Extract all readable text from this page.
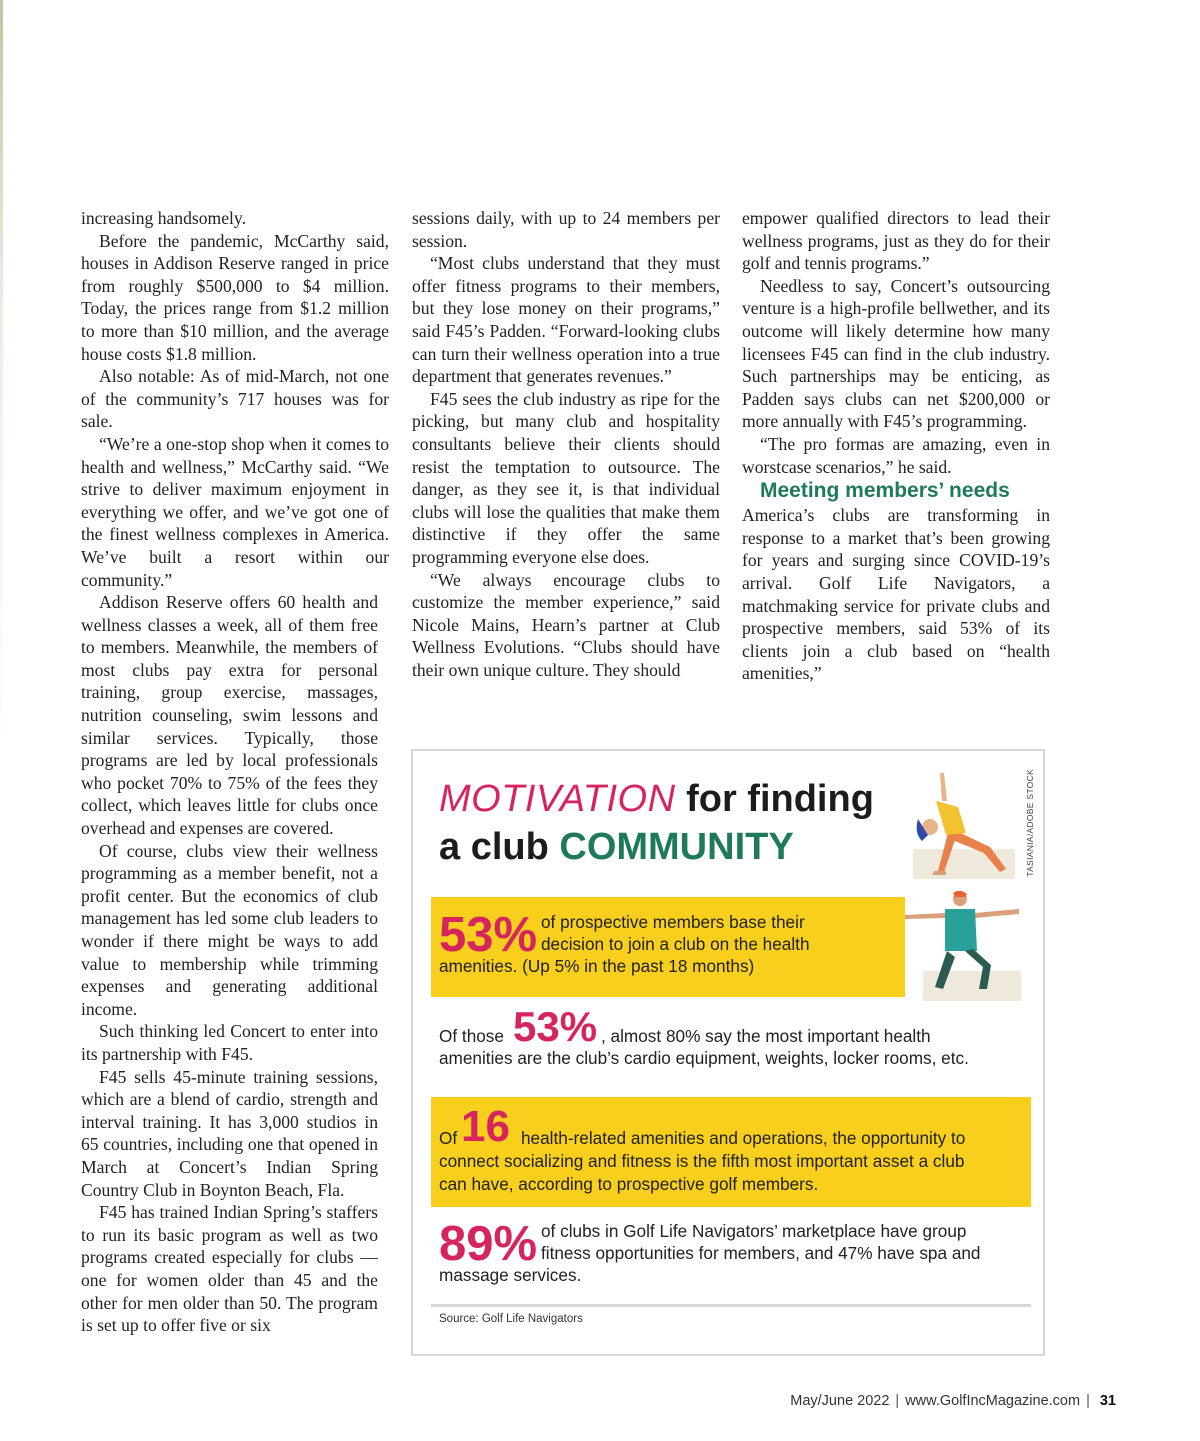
increasing handsomely.

Before the pandemic, McCarthy said, houses in Addison Reserve ranged in price from roughly $500,000 to $4 million. Today, the prices range from $1.2 million to more than $10 million, and the average house costs $1.8 million.

Also notable: As of mid-March, not one of the community’s 717 houses was for sale.

“We’re a one-stop shop when it comes to health and wellness,” McCarthy said. “We strive to deliver maximum enjoyment in everything we offer, and we’ve got one of the finest wellness complexes in America. We’ve built a resort within our community.”

Addison Reserve offers 60 health and wellness classes a week, all of them free to members. Meanwhile, the members of most clubs pay extra for personal training, group exercise, massages, nutrition counseling, swim lessons and similar services. Typically, those programs are led by local professionals who pocket 70% to 75% of the fees they collect, which leaves little for clubs once overhead and expenses are covered.

Of course, clubs view their wellness programming as a member benefit, not a profit center. But the economics of club management has led some club leaders to wonder if there might be ways to add value to membership while trimming expenses and generating additional income.

Such thinking led Concert to enter into its partnership with F45.

F45 sells 45-minute training sessions, which are a blend of cardio, strength and interval training. It has 3,000 studios in 65 countries, including one that opened in March at Concert’s Indian Spring Country Club in Boynton Beach, Fla.

F45 has trained Indian Spring’s staffers to run its basic program as well as two programs created especially for clubs — one for women older than 45 and the other for men older than 50. The program is set up to offer five or six

sessions daily, with up to 24 members per session.

“Most clubs understand that they must offer fitness programs to their members, but they lose money on their programs,” said F45’s Padden. “Forward-looking clubs can turn their wellness operation into a true department that generates revenues.”

F45 sees the club industry as ripe for the picking, but many club and hospitality consultants believe their clients should resist the temptation to outsource. The danger, as they see it, is that individual clubs will lose the qualities that make them distinctive if they offer the same programming everyone else does.

“We always encourage clubs to customize the member experience,” said Nicole Mains, Hearn’s partner at Club Wellness Evolutions. “Clubs should have their own unique culture. They should

empower qualified directors to lead their wellness programs, just as they do for their golf and tennis programs.”

Needless to say, Concert’s outsourcing venture is a high-profile bellwether, and its outcome will likely determine how many licensees F45 can find in the club industry. Such partnerships may be enticing, as Padden says clubs can net $200,000 or more annually with F45’s programming.

“The pro formas are amazing, even in worstcase scenarios,” he said.

Meeting members’ needs

America’s clubs are transforming in response to a market that’s been growing for years and surging since COVID-19’s arrival. Golf Life Navigators, a matchmaking service for private clubs and prospective members, said 53% of its clients join a club based on “health amenities,”

MOTIVATION for finding
a club COMMUNITY	TASIANIA/ADOBE STOCK
53% of prospective members base their
decision to join a club on the health
amenities. (Up 5% in the past 18 months)
Of those 53% , almost 80% say the most important health
amenities are the club’s cardio equipment, weights, locker rooms, etc.
Of 16 health-related amenities and operations, the opportunity to
connect socializing and fitness is the fifth most important asset a club
can have, according to prospective golf members.
89% of clubs in Golf Life Navigators’ marketplace have group
fitness opportunities for members, and 47% have spa and
massage services.
Source: Golf Life Navigators
May/June 2022 | www.GolfIncMagazine.com | 31
